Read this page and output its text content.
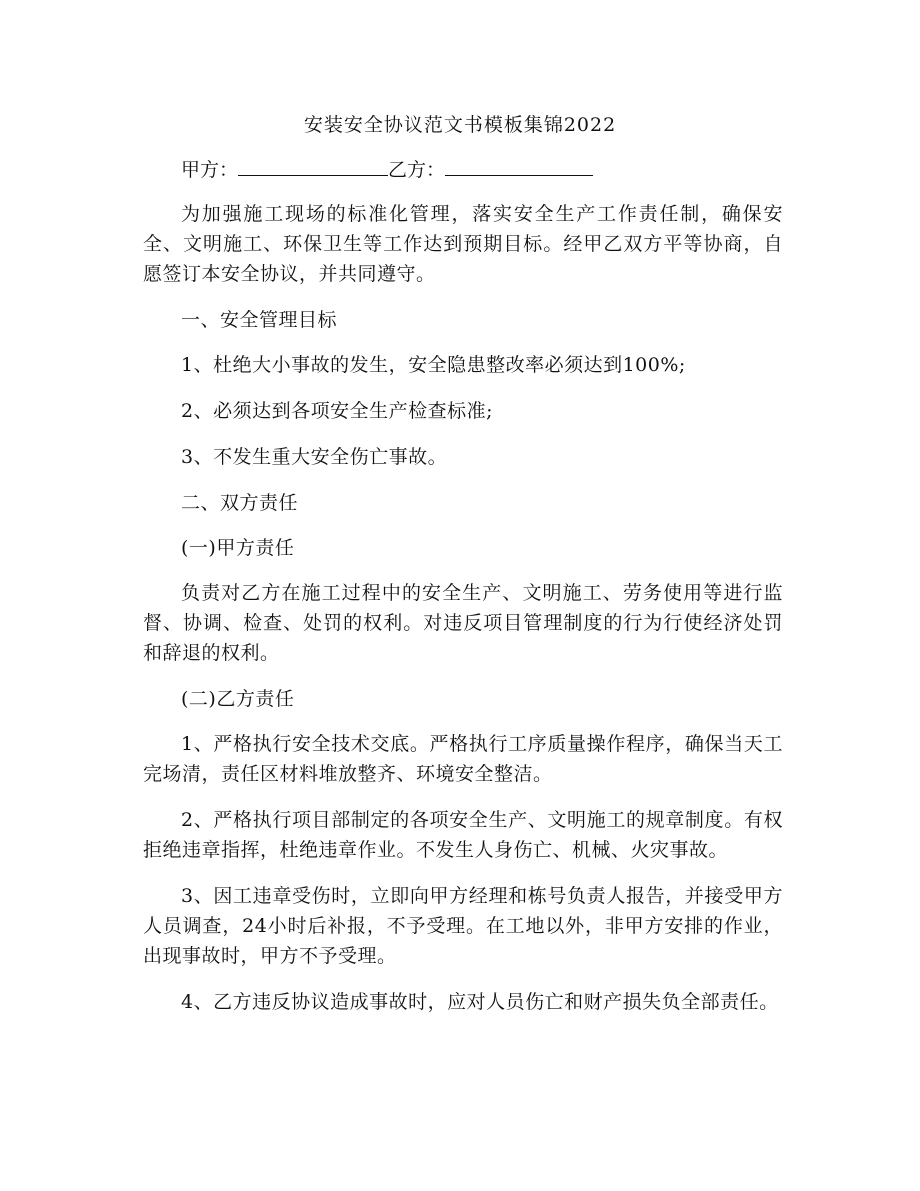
安装安全协议范文书模板集锦2022
甲方：	乙方：

为加强施工现场的标准化管理，落实安全生产工作责任制，确保安全、文明施工、环保卫生等工作达到预期目标。经甲乙双方平等协商，自愿签订本安全协议，并共同遵守。

一、安全管理目标

1、杜绝大小事故的发生，安全隐患整改率必须达到100%;

2、必须达到各项安全生产检查标准;

3、不发生重大安全伤亡事故。

二、双方责任

(一)甲方责任

负责对乙方在施工过程中的安全生产、文明施工、劳务使用等进行监督、协调、检查、处罚的权利。对违反项目管理制度的行为行使经济处罚和辞退的权利。

(二)乙方责任

1、严格执行安全技术交底。严格执行工序质量操作程序，确保当天工完场清，责任区材料堆放整齐、环境安全整洁。

2、严格执行项目部制定的各项安全生产、文明施工的规章制度。有权拒绝违章指挥，杜绝违章作业。不发生人身伤亡、机械、火灾事故。

3、因工违章受伤时，立即向甲方经理和栋号负责人报告，并接受甲方人员调查，24小时后补报，不予受理。在工地以外，非甲方安排的作业，出现事故时，甲方不予受理。

4、乙方违反协议造成事故时，应对人员伤亡和财产损失负全部责任。
